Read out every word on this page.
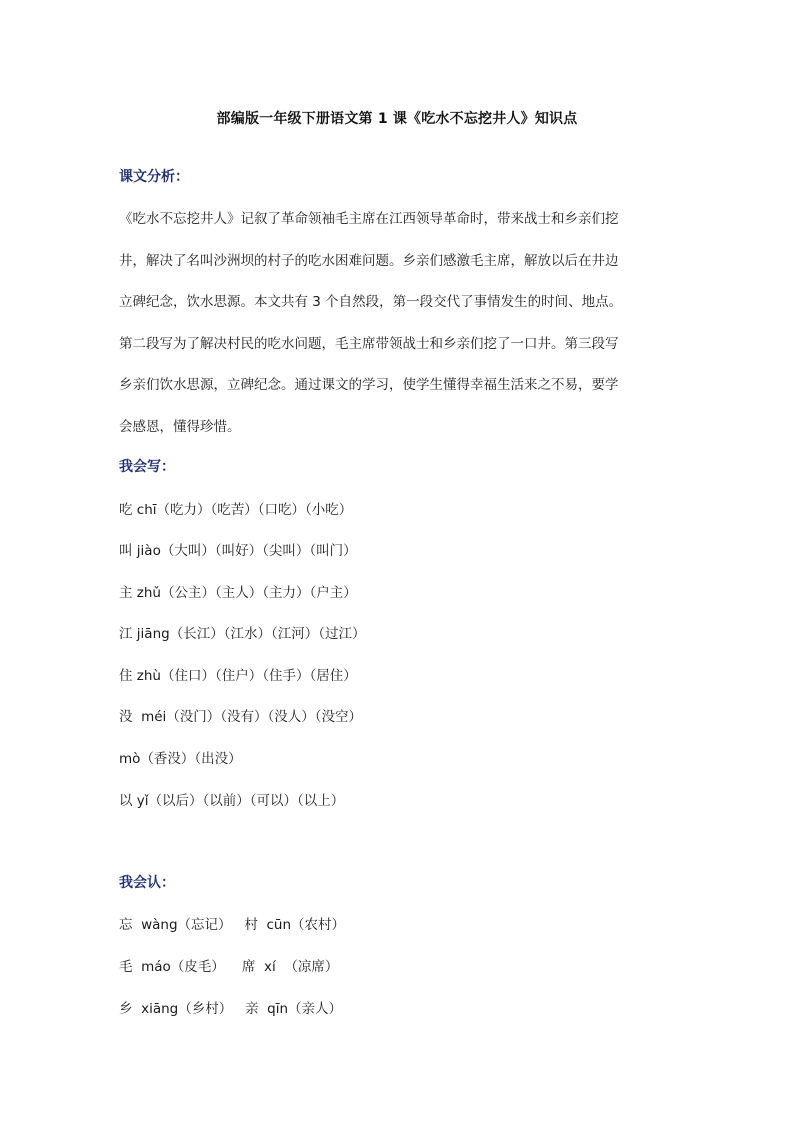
部编版一年级下册语文第 1 课《吃水不忘挖井人》知识点
课文分析：
《吃水不忘挖井人》记叙了革命领袖毛主席在江西领导革命时，带来战士和乡亲们挖
井，解决了名叫沙洲坝的村子的吃水困难问题。乡亲们感激毛主席，解放以后在井边
立碑纪念，饮水思源。本文共有 3 个自然段，第一段交代了事情发生的时间、地点。
第二段写为了解决村民的吃水问题，毛主席带领战士和乡亲们挖了一口井。第三段写
乡亲们饮水思源，立碑纪念。通过课文的学习，使学生懂得幸福生活来之不易，要学
会感恩，懂得珍惜。
我会写：
吃 chī（吃力）（吃苦）（口吃）（小吃）
叫 jiào（大叫）（叫好）（尖叫）（叫门）
主 zhǔ（公主）（主人）（主力）（户主）
江 jiāng（长江）（江水）（江河）（过江）
住 zhù（住口）（住户）（住手）（居住）
没  méi（没门）（没有）（没人）（没空）
mò（香没）（出没）
以 yǐ（以后）（以前）（可以）（以上）
我会认：
忘  wàng（忘记）   村  cūn（农村）
毛  máo（皮毛）    席  xí  （凉席）
乡  xiāng（乡村）   亲  qīn（亲人）
